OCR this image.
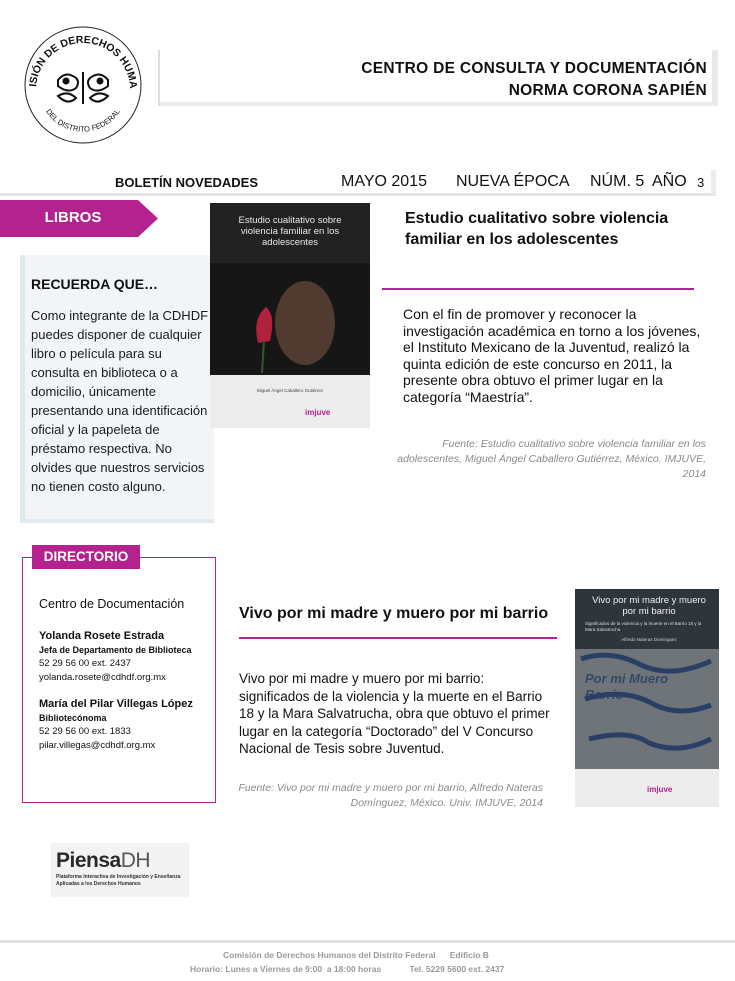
ISIÓN DE DERECHOS HUMA
DEL DISTRITO FEDERAL
CENTRO DE CONSULTA Y DOCUMENTACIÓN
NORMA CORONA SAPIÉN
BOLETÍN NOVEDADES	MAYO 2015 NUEVA ÉPOCA NÚM. 5 AÑO 3
LIBROS
RECUERDA QUE…
Como integrante de la CDHDF puedes disponer de cualquier libro o película para su consulta en biblioteca o a domicilio, únicamente presentando una identificación oficial y la papeleta de préstamo respectiva. No olvides que nuestros servicios no tienen costo alguno.
Estudio cualitativo sobre violencia familiar en los adolescentes
Miguel Ángel Caballero Gutiérrez
imjuve
Estudio cualitativo sobre violencia familiar en los adolescentes
Con el fin de promover y reconocer la investigación académica en torno a los jóvenes, el Instituto Mexicano de la Juventud, realizó la quinta edición de este concurso en 2011, la presente obra obtuvo el primer lugar en la categoría “Maestría”.
Fuente: Estudio cualitativo sobre violencia familiar en los adolescentes, Miguel Ángel Caballero Gutiérrez, México. IMJUVE, 2014
DIRECTORIO
Centro de Documentación
Yolanda Rosete Estrada
Jefa de Departamento de Biblioteca
52 29 56 00 ext. 2437
yolanda.rosete@cdhdf.org.mx
María del Pilar Villegas López
Bibliotecónoma
52 29 56 00 ext. 1833
pilar.villegas@cdhdf.org.mx
Vivo por mi madre y muero por mi barrio
Vivo por mi madre y muero por mi barrio: significados de la violencia y la muerte en el Barrio 18 y la Mara Salvatrucha, obra que obtuvo el primer lugar en la categoría “Doctorado” del V Concurso Nacional de Tesis sobre Juventud.
Fuente: Vivo por mi madre y muero por mi barrio, Alfredo Nateras Domínguez, México. Univ. IMJUVE, 2014
Vivo por mi madre y muero por mi barrio
Significados de la violencia y la muerte en el Barrio 18 y la Mara Salvatrucha
Alfredo Nateras Domínguez
Por mi Muero Barrio
imjuve
PiensaDH
Plataforma Interactiva de Investigación y Enseñanza Aplicadas a los Derechos Humanos
Comisión de Derechos Humanos del Distrito Federal      Edificio B
Horario: Lunes a Viernes de 9:00  a 18:00 horas            Tel. 5229 5600 ext. 2437
